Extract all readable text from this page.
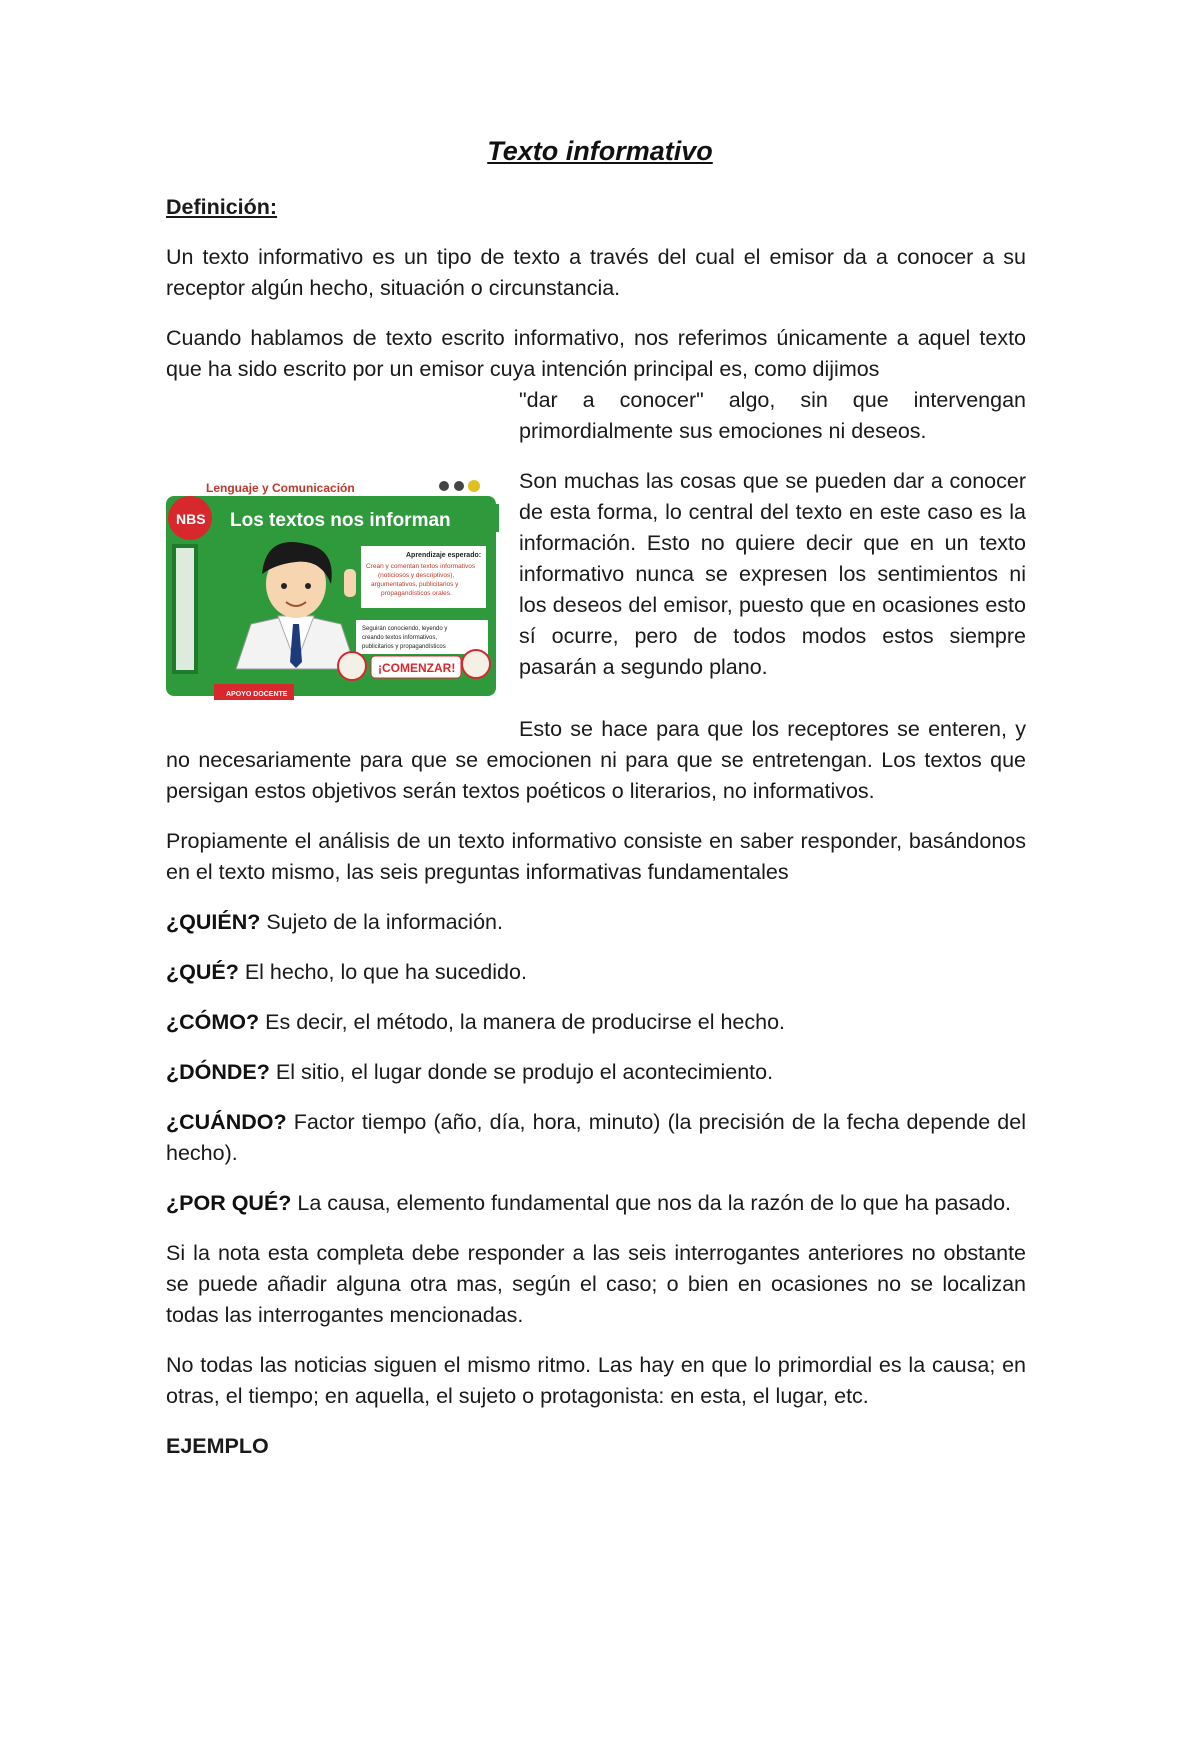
Texto informativo

Definición:

Un texto informativo es un tipo de texto a través del cual el emisor da a conocer a su receptor algún hecho, situación o circunstancia.

Cuando hablamos de texto escrito informativo, nos referimos únicamente a aquel texto que ha sido escrito por un emisor cuya intención principal es, como dijimos

"dar a conocer" algo, sin que intervengan primordialmente sus emociones ni deseos.

Lenguaje y Comunicación
Los textos nos informan
NBS
Aprendizaje esperado:
Crean y comentan textos informativos
(noticiosos y descriptivos),
argumentativos, publicitarios y
propagandísticos orales.
Seguirán conociendo, leyendo y
creando textos informativos,
publicitarios y propagandísticos
¡COMENZAR!
APOYO DOCENTE

Son muchas las cosas que se pueden dar a conocer de esta forma, lo central del texto en este caso es la información. Esto no quiere decir que en un texto informativo nunca se expresen los sentimientos ni los deseos del emisor, puesto que en ocasiones esto sí ocurre, pero de todos modos estos siempre pasarán a segundo plano.

Esto se hace para que los receptores se enteren, y no necesariamente para que se emocionen ni para que se entretengan. Los textos que persigan estos objetivos serán textos poéticos o literarios, no informativos.

Propiamente el análisis de un texto informativo consiste en saber responder, basándonos en el texto mismo, las seis preguntas informativas fundamentales

¿QUIÉN? Sujeto de la información.

¿QUÉ? El hecho, lo que ha sucedido.

¿CÓMO? Es decir, el método, la manera de producirse el hecho.

¿DÓNDE? El sitio, el lugar donde se produjo el acontecimiento.

¿CUÁNDO? Factor tiempo (año, día, hora, minuto) (la precisión de la fecha depende del hecho).

¿POR QUÉ? La causa, elemento fundamental que nos da la razón de lo que ha pasado.

Si la nota esta completa debe responder a las seis interrogantes anteriores no obstante se puede añadir alguna otra mas, según el caso; o bien en ocasiones no se localizan todas las interrogantes mencionadas.

No todas las noticias siguen el mismo ritmo. Las hay en que lo primordial es la causa; en otras, el tiempo; en aquella, el sujeto o protagonista: en esta, el lugar, etc.

EJEMPLO
